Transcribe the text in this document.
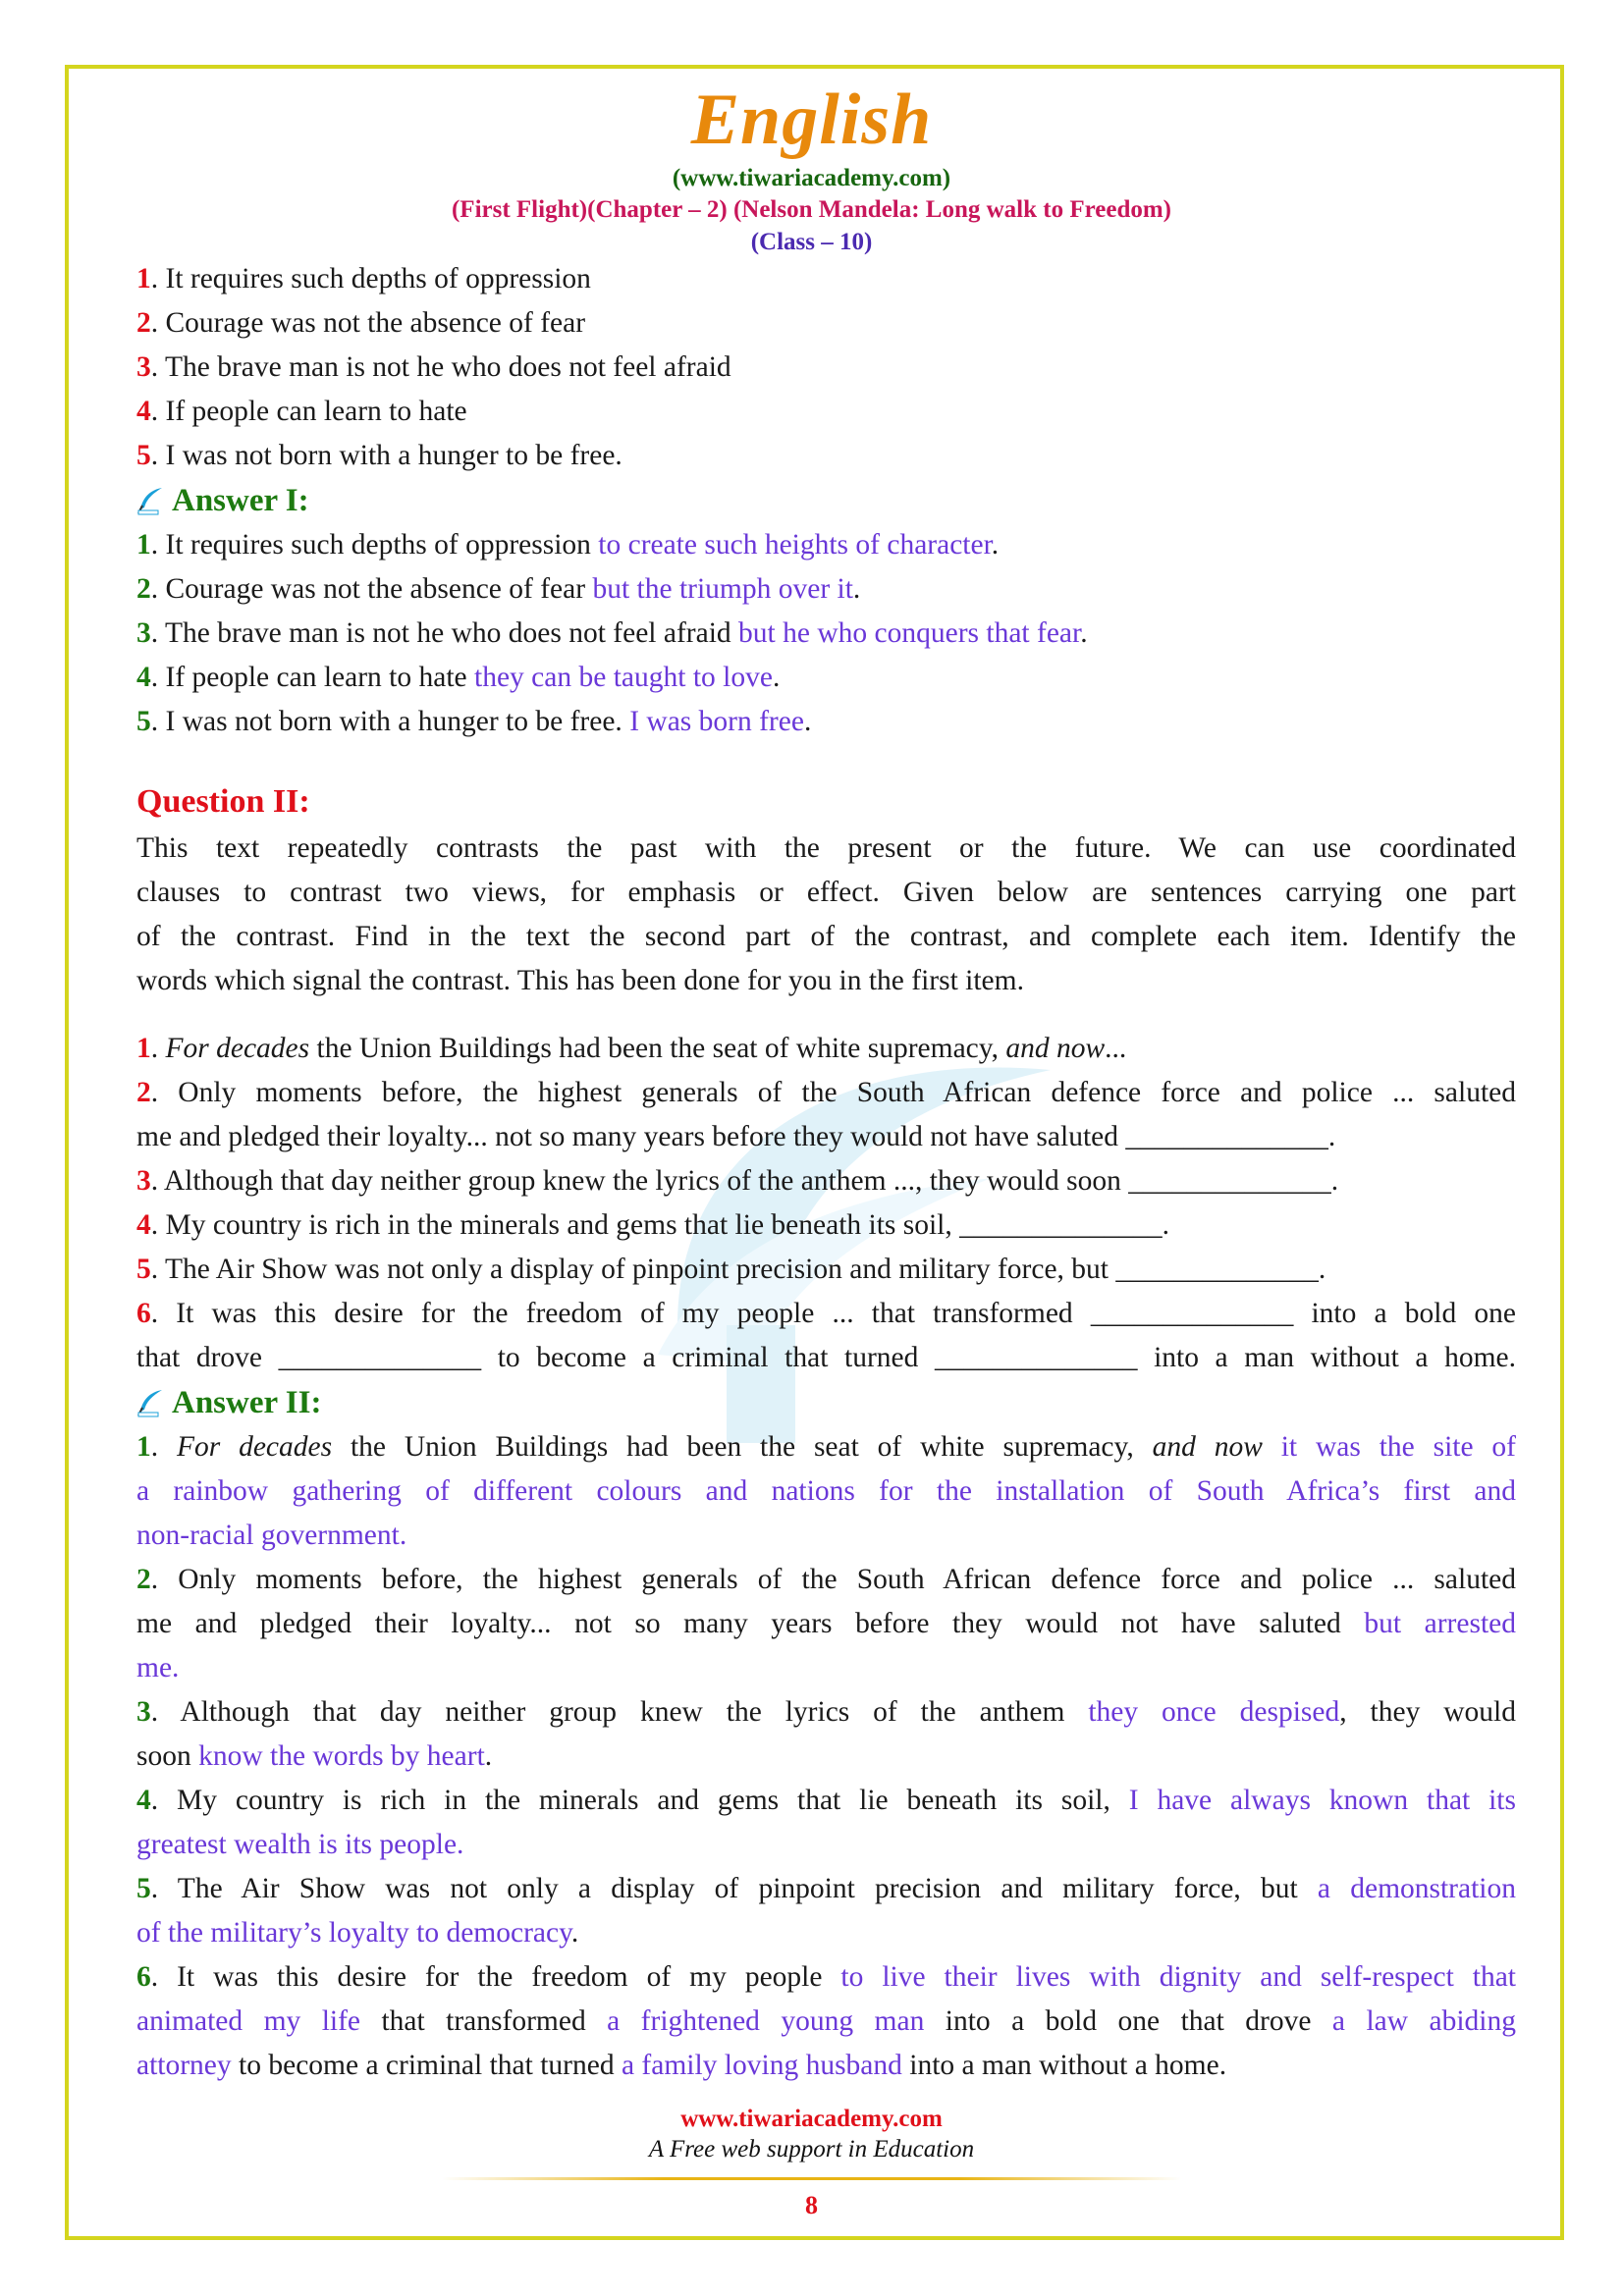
English
(www.tiwariacademy.com)
(First Flight)(Chapter – 2) (Nelson Mandela: Long walk to Freedom)
(Class – 10)

1. It requires such depths of oppression

2. Courage was not the absence of fear

3. The brave man is not he who does not feel afraid

4. If people can learn to hate

5. I was not born with a hunger to be free.

Answer I:

1. It requires such depths of oppression to create such heights of character.

2. Courage was not the absence of fear but the triumph over it.

3. The brave man is not he who does not feel afraid but he who conquers that fear.

4. If people can learn to hate they can be taught to love.

5. I was not born with a hunger to be free. I was born free.

Question II:

This text repeatedly contrasts the past with the present or the future. We can use coordinated

clauses to contrast two views, for emphasis or effect. Given below are sentences carrying one part

of the contrast. Find in the text the second part of the contrast, and complete each item. Identify the

words which signal the contrast. This has been done for you in the first item.

1. For decades the Union Buildings had been the seat of white supremacy, and now...

2. Only moments before, the highest generals of the South African defence force and police ... saluted

me and pledged their loyalty... not so many years before they would not have saluted ______________.

3. Although that day neither group knew the lyrics of the anthem ..., they would soon ______________.

4. My country is rich in the minerals and gems that lie beneath its soil, ______________.

5. The Air Show was not only a display of pinpoint precision and military force, but ______________.

6. It was this desire for the freedom of my people ... that transformed ______________ into a bold one

that drove ______________ to become a criminal that turned ______________ into a man without a home.

Answer II:

1. For decades the Union Buildings had been the seat of white supremacy, and now it was the site of

a rainbow gathering of different colours and nations for the installation of South Africa’s first and

non-racial government.

2. Only moments before, the highest generals of the South African defence force and police ... saluted

me and pledged their loyalty... not so many years before they would not have saluted but arrested

me.

3. Although that day neither group knew the lyrics of the anthem they once despised, they would

soon know the words by heart.

4. My country is rich in the minerals and gems that lie beneath its soil, I have always known that its

greatest wealth is its people.

5. The Air Show was not only a display of pinpoint precision and military force, but a demonstration

of the military’s loyalty to democracy.

6. It was this desire for the freedom of my people to live their lives with dignity and self-respect that

animated my life that transformed a frightened young man into a bold one that drove a law abiding

attorney to become a criminal that turned a family loving husband into a man without a home.

www.tiwariacademy.com
A Free web support in Education
8
